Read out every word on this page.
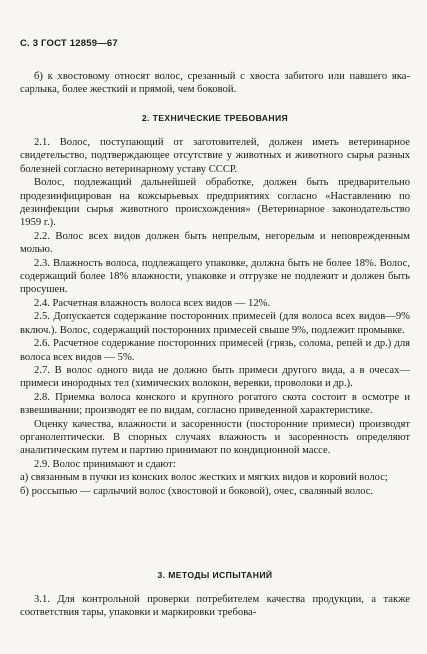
С. 3 ГОСТ 12859—67

б) к хвостовому относят волос, срезанный с хвоста забитого или павшего яка-сарлыка, более жесткий и прямой, чем боковой.

2. ТЕХНИЧЕСКИЕ ТРЕБОВАНИЯ

2.1. Волос, поступающий от заготовителей, должен иметь ветеринарное свидетельство, подтверждающее отсутствие у животных и животного сырья разных болезней согласно ветеринарному уставу СССР.

Волос, подлежащий дальнейшей обработке, должен быть предварительно продезинфицирован на кожсырьевых предприятиях согласно «Наставлению по дезинфекции сырья животного происхождения» (Ветеринарное законодательство 1959 г.).

2.2. Волос всех видов должен быть непрелым, негорелым и неповрежденным молью.

2.3. Влажность волоса, подлежащего упаковке, должна быть не более 18%. Волос, содержащий более 18% влажности, упаковке и отгрузке не подлежит и должен быть просушен.

2.4. Расчетная влажность волоса всех видов — 12%.

2.5. Допускается содержание посторонних примесей (для волоса всех видов—9% включ.). Волос, содержащий посторонних примесей свыше 9%, подлежит промывке.

2.6. Расчетное содержание посторонних примесей (грязь, солома, репей и др.) для волоса всех видов — 5%.

2.7. В волос одного вида не должно быть примеси другого вида, а в очесах—примеси инородных тел (химических волокон, веревки, проволоки и др.).

2.8. Приемка волоса конского и крупного рогатого скота состоит в осмотре и взвешивании; производят ее по видам, согласно приведенной характеристике.

Оценку качества, влажности и засоренности (посторонние примеси) производят органолептически. В спорных случаях влажность и засоренность определяют аналитическим путем и партию принимают по кондиционной массе.

2.9. Волос принимают и сдают:

а) связанным в пучки из конских волос жестких и мягких видов и коровий волос;

б) россыпью — сарлычий волос (хвостовой и боковой), очес, сваляный волос.

3. МЕТОДЫ ИСПЫТАНИЙ

3.1. Для контрольной проверки потребителем качества продукции, а также соответствия тары, упаковки и маркировки требова-
